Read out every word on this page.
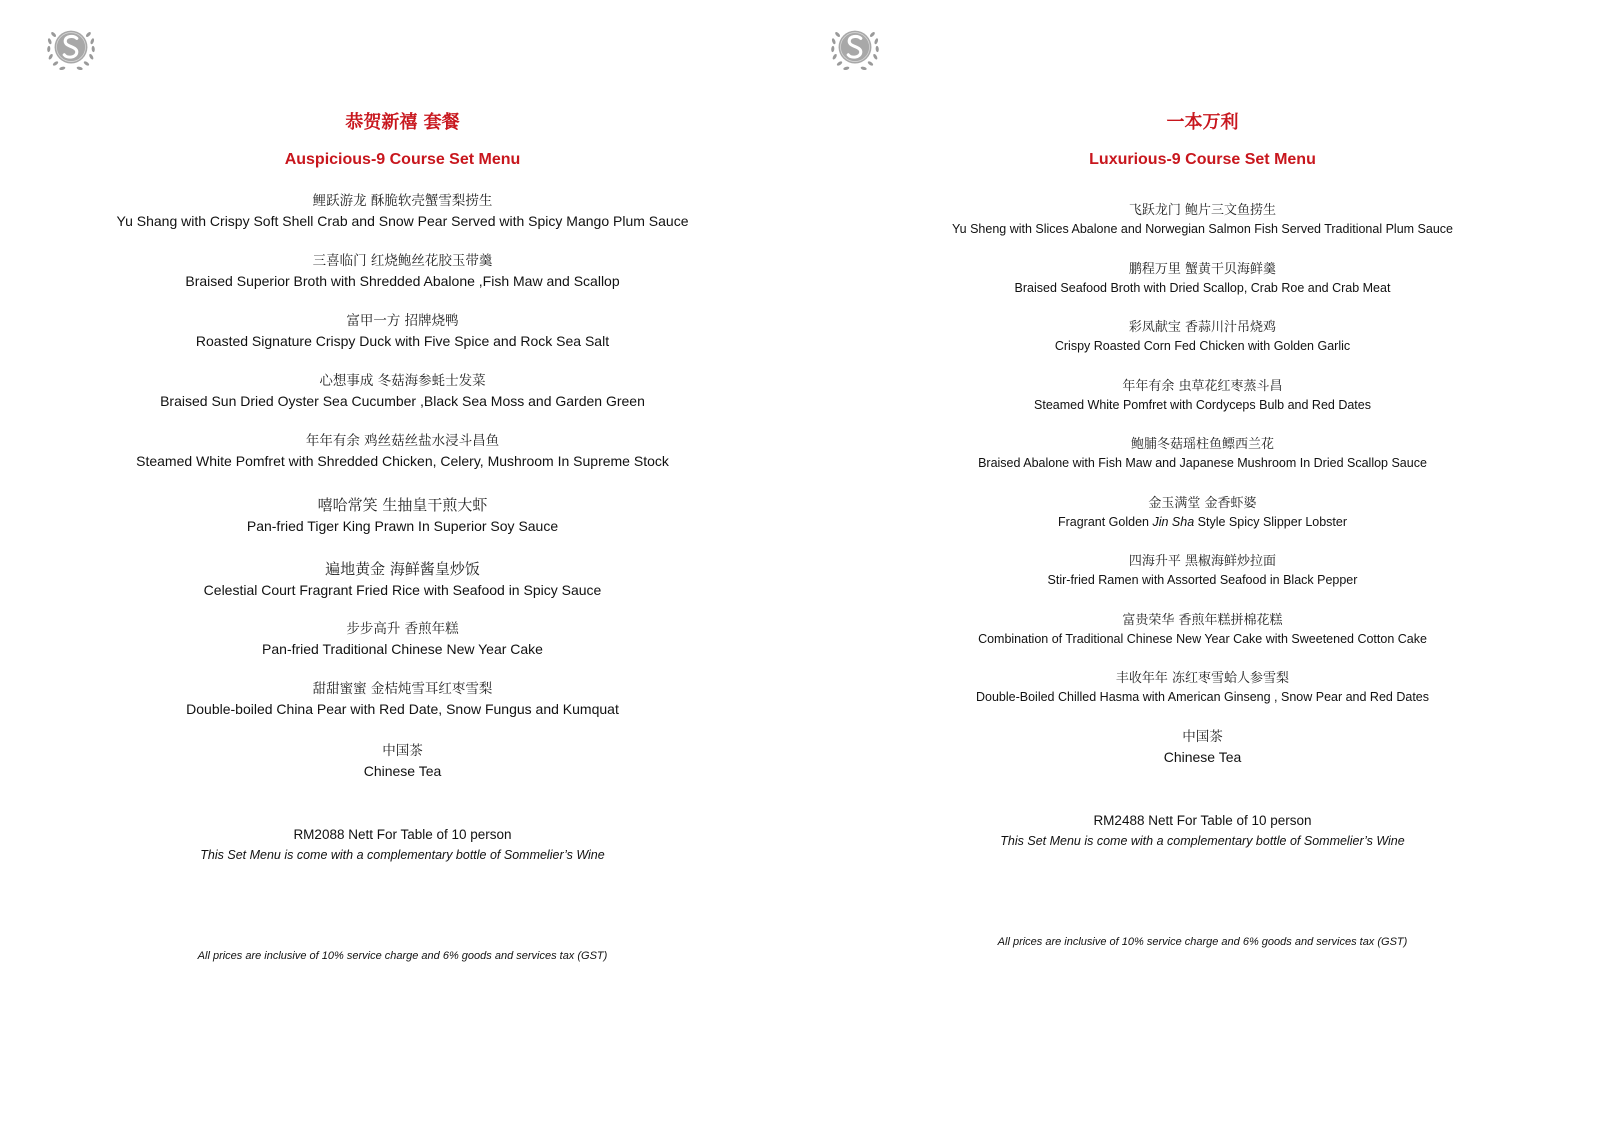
恭贺新禧 套餐
Auspicious-9 Course Set Menu
鲤跃游龙 酥脆软壳蟹雪梨捞生
Yu Shang with Crispy Soft Shell Crab and Snow Pear Served with Spicy Mango Plum Sauce
三喜临门 红烧鲍丝花胶玉带羹
Braised Superior Broth with Shredded Abalone ,Fish Maw and Scallop
富甲一方 招牌烧鸭
Roasted Signature Crispy Duck with Five Spice and Rock Sea Salt
心想事成 冬菇海参蚝士发菜
Braised Sun Dried Oyster Sea Cucumber ,Black Sea Moss and Garden Green
年年有余 鸡丝菇丝盐水浸斗昌鱼
Steamed White Pomfret with Shredded Chicken, Celery, Mushroom In Supreme Stock
嘻哈常笑 生抽皇干煎大虾
Pan-fried Tiger King Prawn In Superior Soy Sauce
遍地黄金 海鲜酱皇炒饭
Celestial Court Fragrant Fried Rice with Seafood in Spicy Sauce
步步高升 香煎年糕
Pan-fried Traditional Chinese New Year Cake
甜甜蜜蜜 金桔炖雪耳红枣雪梨
Double-boiled China Pear with Red Date, Snow Fungus and Kumquat
中国茶
Chinese Tea
RM2088 Nett For Table of 10 person
This Set Menu is come with a complementary bottle of Sommelier’s Wine
All prices are inclusive of 10% service charge and 6% goods and services tax (GST)
一本万利
Luxurious-9 Course Set Menu
飞跃龙门 鲍片三文鱼捞生
Yu Sheng with Slices Abalone and Norwegian Salmon Fish Served Traditional Plum Sauce
鹏程万里 蟹黄干贝海鲜羹
Braised Seafood Broth with Dried Scallop, Crab Roe and Crab Meat
彩凤献宝 香蒜川汁吊烧鸡
Crispy Roasted Corn Fed Chicken with Golden Garlic
年年有余 虫草花红枣蒸斗昌
Steamed White Pomfret with Cordyceps Bulb and Red Dates
鲍脯冬菇瑶柱鱼鳔西兰花
Braised Abalone with Fish Maw and Japanese Mushroom In Dried Scallop Sauce
金玉满堂 金香虾婆
Fragrant Golden Jin Sha Style Spicy Slipper Lobster
四海升平 黑椒海鲜炒拉面
Stir-fried Ramen with Assorted Seafood in Black Pepper
富贵荣华 香煎年糕拼棉花糕
Combination of Traditional Chinese New Year Cake with Sweetened Cotton Cake
丰收年年 冻红枣雪蛤人参雪梨
Double-Boiled Chilled Hasma with American Ginseng , Snow Pear and Red Dates
中国茶
Chinese Tea
RM2488 Nett For Table of 10 person
This Set Menu is come with a complementary bottle of Sommelier’s Wine
All prices are inclusive of 10% service charge and 6% goods and services tax (GST)
